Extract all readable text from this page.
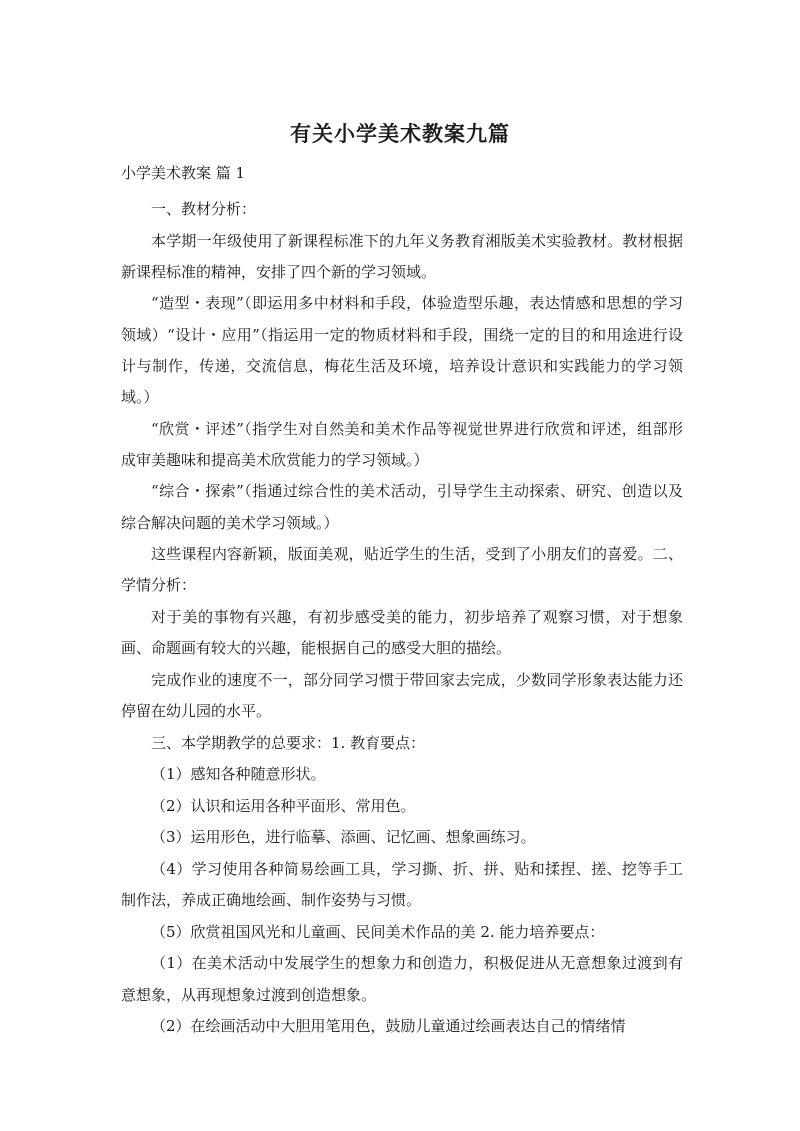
有关小学美术教案九篇
小学美术教案 篇 1

一、教材分析：

本学期一年级使用了新课程标准下的九年义务教育湘版美术实验教材。教材根据新课程标准的精神，安排了四个新的学习领域。

“造型・表现”（即运用多中材料和手段，体验造型乐趣，表达情感和思想的学习领域）“设计・应用”（指运用一定的物质材料和手段，围绕一定的目的和用途进行设计与制作，传递，交流信息，梅花生活及环境，培养设计意识和实践能力的学习领域。）

“欣赏・评述”（指学生对自然美和美术作品等视觉世界进行欣赏和评述，组部形成审美趣味和提高美术欣赏能力的学习领域。）

“综合・探索”（指通过综合性的美术活动，引导学生主动探索、研究、创造以及综合解决问题的美术学习领域。）

这些课程内容新颖，版面美观，贴近学生的生活，受到了小朋友们的喜爱。二、学情分析：

对于美的事物有兴趣，有初步感受美的能力，初步培养了观察习惯，对于想象画、命题画有较大的兴趣，能根据自己的感受大胆的描绘。

完成作业的速度不一，部分同学习惯于带回家去完成，少数同学形象表达能力还停留在幼儿园的水平。

三、本学期教学的总要求：1. 教育要点：

（1）感知各种随意形状。

（2）认识和运用各种平面形、常用色。

（3）运用形色，进行临摹、添画、记忆画、想象画练习。

（4）学习使用各种简易绘画工具，学习撕、折、拼、贴和揉捏、搓、挖等手工制作法，养成正确地绘画、制作姿势与习惯。

（5）欣赏祖国风光和儿童画、民间美术作品的美 2. 能力培养要点：

（1）在美术活动中发展学生的想象力和创造力，积极促进从无意想象过渡到有意想象，从再现想象过渡到创造想象。

（2）在绘画活动中大胆用笔用色，鼓励儿童通过绘画表达自己的情绪情
